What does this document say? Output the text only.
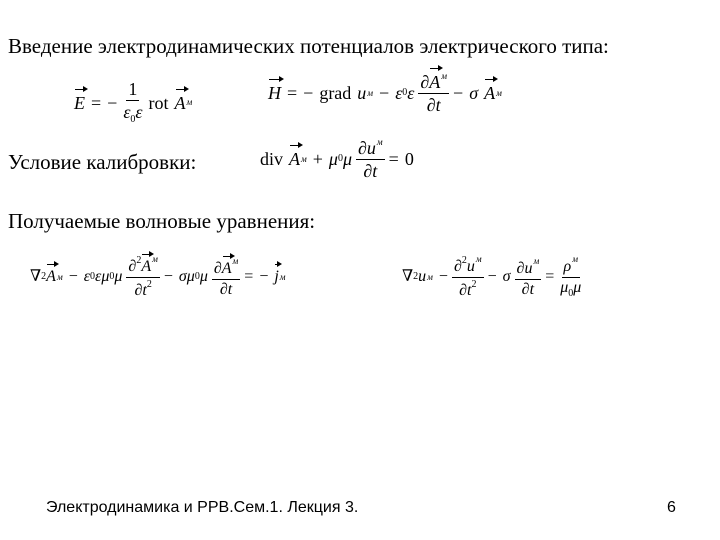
Введение электродинамических потенциалов электрического типа:
Условие калибровки:
Получаемые волновые уравнения:
E = − $\frac{1}{\varepsilon_0\varepsilon}$ rot A м	H = − grad u м − ε 0 ε $\frac{\partial A^м}{\partial t} - \sigma$ A м
div A м + μ 0 μ $\frac{\partial u^м}{\partial t} = 0$
∇ 2 A м − ε 0 εμ 0 μ $\frac{\partial^2A^м}{\partial t^2} - \sigma\mu$ 0 μ $\frac{\partial A^м}{\partial t}$ = − j м	∇ 2 u $м - \frac{\partial^2u^м}{\partial t^2} - \sigma \frac{\partial u^м}{\partial t} = \frac{\rho^м}{\mu_0\mu}$
Электродинамика и РРВ.Сем.1. Лекция 3.	6
